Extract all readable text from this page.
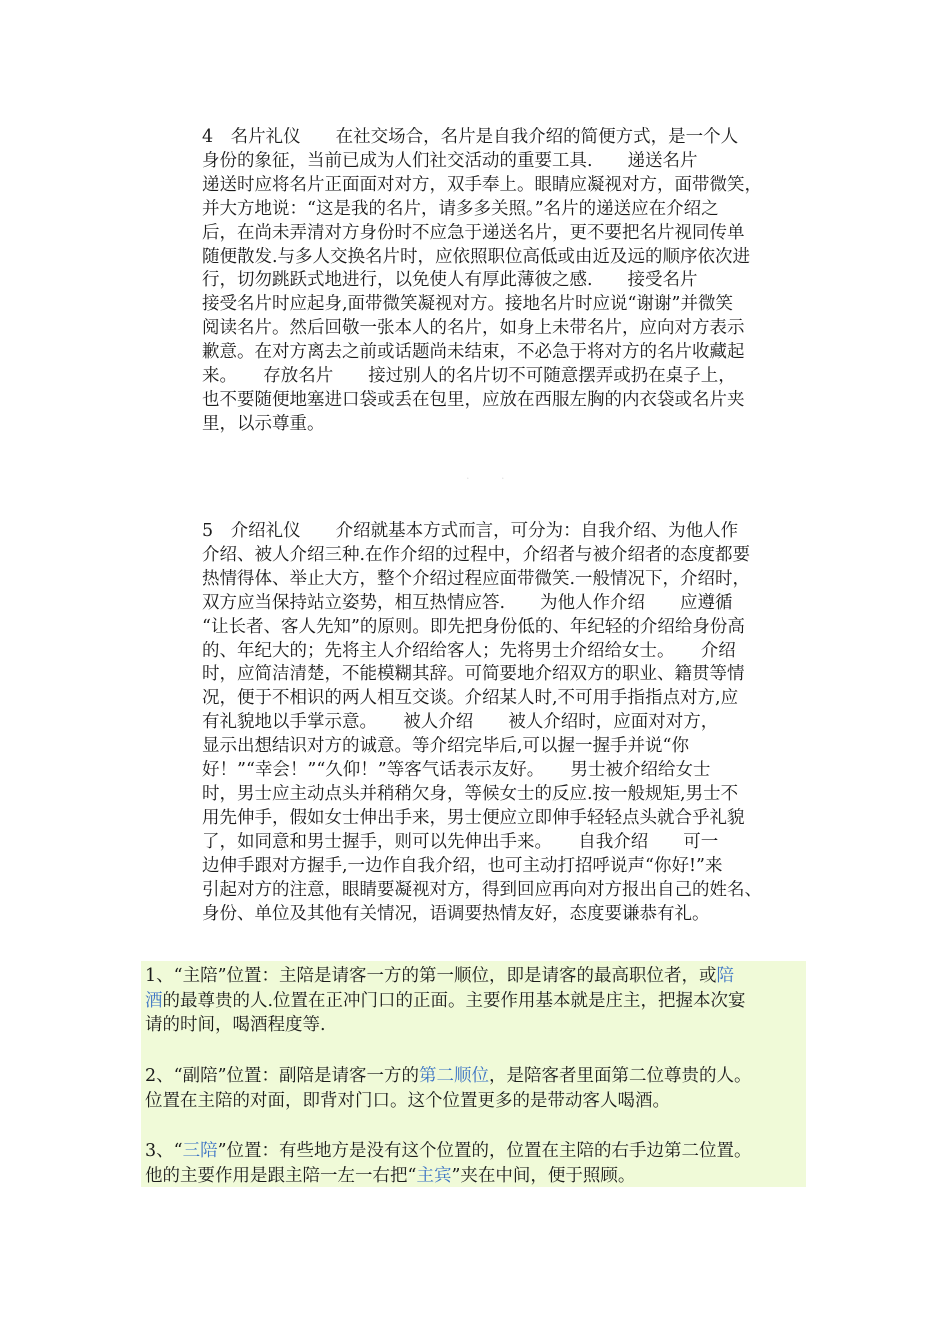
4　名片礼仪　　在社交场合，名片是自我介绍的简便方式，是一个人
身份的象征，当前已成为人们社交活动的重要工具.　　递送名片
递送时应将名片正面面对对方，双手奉上。眼睛应凝视对方，面带微笑，
并大方地说：“这是我的名片，请多多关照。”名片的递送应在介绍之
后，在尚未弄清对方身份时不应急于递送名片，更不要把名片视同传单
随便散发.与多人交换名片时，应依照职位高低或由近及远的顺序依次进
行，切勿跳跃式地进行，以免使人有厚此薄彼之感.　　接受名片
接受名片时应起身,面带微笑凝视对方。接地名片时应说“谢谢”并微笑
阅读名片。然后回敬一张本人的名片，如身上未带名片，应向对方表示
歉意。在对方离去之前或话题尚未结束，不必急于将对方的名片收藏起
来。　　存放名片　　接过别人的名片切不可随意摆弄或扔在桌子上，
也不要随便地塞进口袋或丢在包里，应放在西服左胸的内衣袋或名片夹
里，以示尊重。
· ·
5　介绍礼仪　　介绍就基本方式而言，可分为：自我介绍、为他人作
介绍、被人介绍三种.在作介绍的过程中，介绍者与被介绍者的态度都要
热情得体、举止大方，整个介绍过程应面带微笑.一般情况下，介绍时，
双方应当保持站立姿势，相互热情应答.　　为他人作介绍　　应遵循
“让长者、客人先知”的原则。即先把身份低的、年纪轻的介绍给身份高
的、年纪大的；先将主人介绍给客人；先将男士介绍给女士。　　介绍
时，应简洁清楚，不能模糊其辞。可简要地介绍双方的职业、籍贯等情
况，便于不相识的两人相互交谈。介绍某人时,不可用手指指点对方,应
有礼貌地以手掌示意。　　被人介绍　　被人介绍时，应面对对方，
显示出想结识对方的诚意。等介绍完毕后,可以握一握手并说“你
好！”“幸会！”“久仰！”等客气话表示友好。　　男士被介绍给女士
时，男士应主动点头并稍稍欠身，等候女士的反应.按一般规矩,男士不
用先伸手，假如女士伸出手来，男士便应立即伸手轻轻点头就合乎礼貌
了，如同意和男士握手，则可以先伸出手来。　　自我介绍　　可一
边伸手跟对方握手,一边作自我介绍，也可主动打招呼说声“你好!”来
引起对方的注意，眼睛要凝视对方，得到回应再向对方报出自己的姓名、
身份、单位及其他有关情况，语调要热情友好，态度要谦恭有礼。
1、“主陪”位置：主陪是请客一方的第一顺位，即是请客的最高职位者，或陪
酒的最尊贵的人.位置在正冲门口的正面。主要作用基本就是庄主，把握本次宴
请的时间，喝酒程度等.
2、“副陪”位置：副陪是请客一方的第二顺位，是陪客者里面第二位尊贵的人。
位置在主陪的对面，即背对门口。这个位置更多的是带动客人喝酒。
3、“三陪”位置：有些地方是没有这个位置的，位置在主陪的右手边第二位置。
他的主要作用是跟主陪一左一右把“主宾”夹在中间，便于照顾。
